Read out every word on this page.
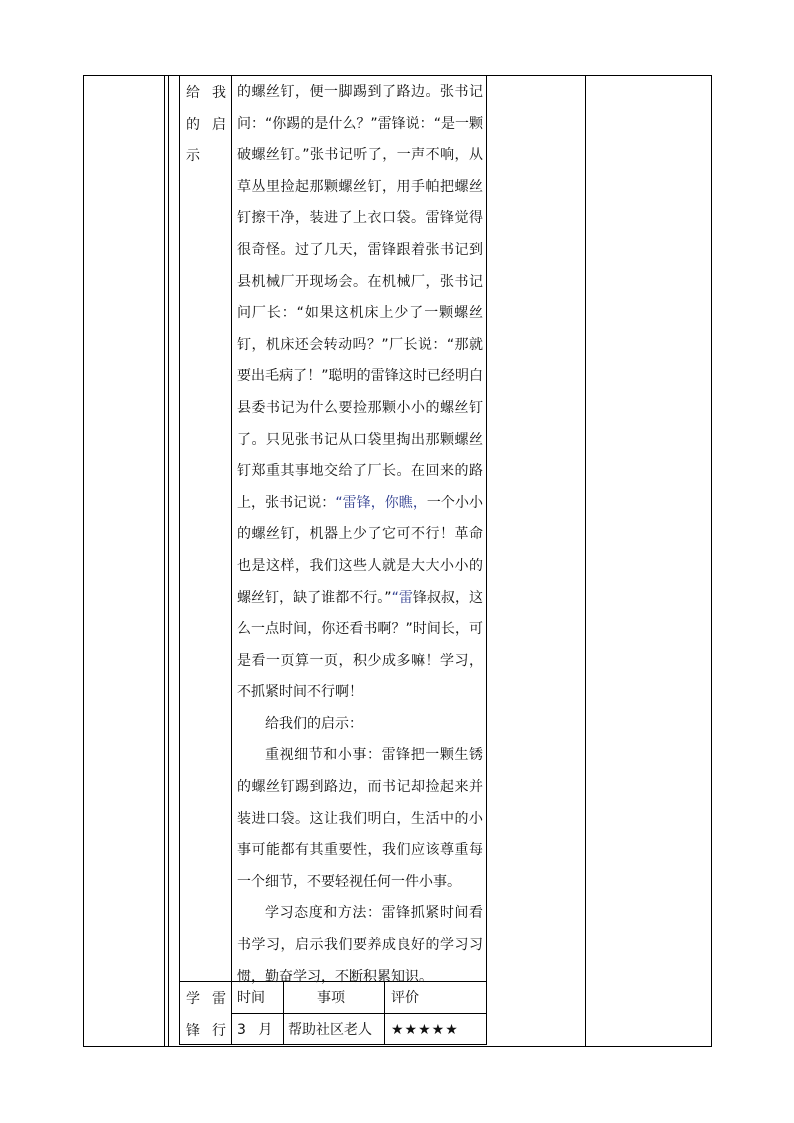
给 我
的 启
示

的螺丝钉，便一脚踢到了路边。张书记问：“你踢的是什么？”雷锋说：“是一颗破螺丝钉。”张书记听了，一声不响，从草丛里捡起那颗螺丝钉，用手帕把螺丝钉擦干净，装进了上衣口袋。雷锋觉得很奇怪。过了几天，雷锋跟着张书记到县机械厂开现场会。在机械厂，张书记问厂长：“如果这机床上少了一颗螺丝钉，机床还会转动吗？”厂长说：“那就要出毛病了！”聪明的雷锋这时已经明白县委书记为什么要捡那颗小小的螺丝钉了。只见张书记从口袋里掏出那颗螺丝钉郑重其事地交给了厂长。在回来的路上，张书记说：“雷锋，你瞧，一个小小的螺丝钉，机器上少了它可不行！革命也是这样，我们这些人就是大大小小的螺丝钉，缺了谁都不行。”“雷锋叔叔，这么一点时间，你还看书啊？”时间长，可是看一页算一页，积少成多嘛！学习，不抓紧时间不行啊！

给我们的启示：

重视细节和小事：雷锋把一颗生锈的螺丝钉踢到路边，而书记却捡起来并装进口袋。这让我们明白，生活中的小事可能都有其重要性，我们应该尊重每一个细节，不要轻视任何一件小事。

学习态度和方法：雷锋抓紧时间看书学习，启示我们要养成良好的学习习惯，勤奋学习，不断积累知识。

学 雷
锋 行
时间	事项	评价
3 月 帮助社区老人 ★★★★★
